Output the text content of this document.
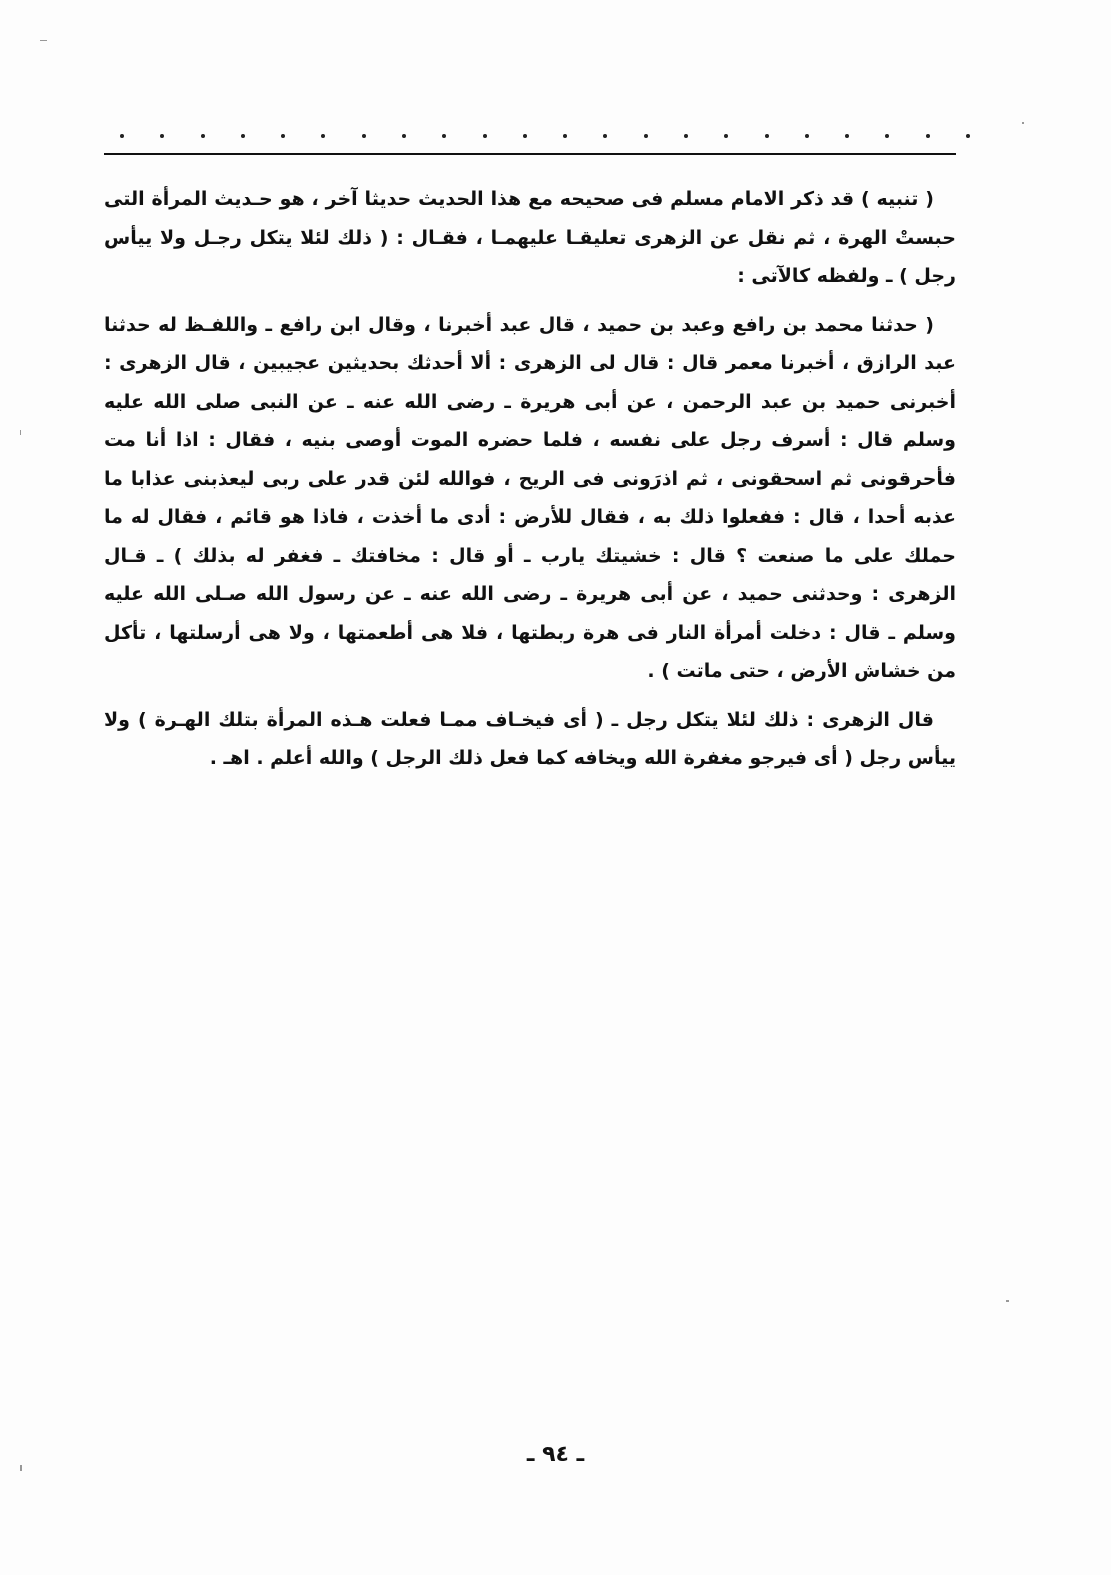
( تنبيه ) قد ذكر الامام مسلم فى صحيحه مع هذا الحديث حديثا آخر ، هو حـديث المرأة التى حبستْ الهرة ، ثم نقل عن الزهرى تعليقـا عليهمـا ، فقـال : ( ذلك لئلا يتكل رجـل ولا ييأس رجل ) ـ ولفظه كالآتى :

( حدثنا محمد بن رافع وعبد بن حميد ، قال عبد أخبرنا ، وقال ابن رافع ـ واللفـظ له حدثنا عبد الرازق ، أخبرنا معمر قال : قال لى الزهرى : ألا أحدثك بحديثين عجيبين ، قال الزهرى : أخبرنى حميد بن عبد الرحمن ، عن أبى هريرة ـ رضى الله عنه ـ عن النبى صلى الله عليه وسلم قال : أسرف رجل على نفسه ، فلما حضره الموت أوصى بنيه ، فقال : اذا أنا مت فأحرقونى ثم اسحقونى ، ثم اذرَونى فى الريح ، فوالله لئن قدر على ربى ليعذبنى عذابا ما عذبه أحدا ، قال : ففعلوا ذلك به ، فقال للأرض : أدى ما أخذت ، فاذا هو قائم ، فقال له ما حملك على ما صنعت ؟ قال : خشيتك يارب ـ أو قال : مخافتك ـ فغفر له بذلك ) ـ قـال الزهرى : وحدثنى حميد ، عن أبى هريرة ـ رضى الله عنه ـ عن رسول الله صـلى الله عليه وسلم ـ قال : دخلت أمرأة النار فى هرة ربطتها ، فلا هى أطعمتها ، ولا هى أرسلتها ، تأكل من خشاش الأرض ، حتى ماتت ) .

قال الزهرى : ذلك لئلا يتكل رجل ـ ( أى فيخـاف ممـا فعلت هـذه المرأة بتلك الهـرة ) ولا ييأس رجل ( أى فيرجو مغفرة الله ويخافه كما فعل ذلك الرجل ) والله أعلم . اهـ .

ـ ٩٤ ـ
